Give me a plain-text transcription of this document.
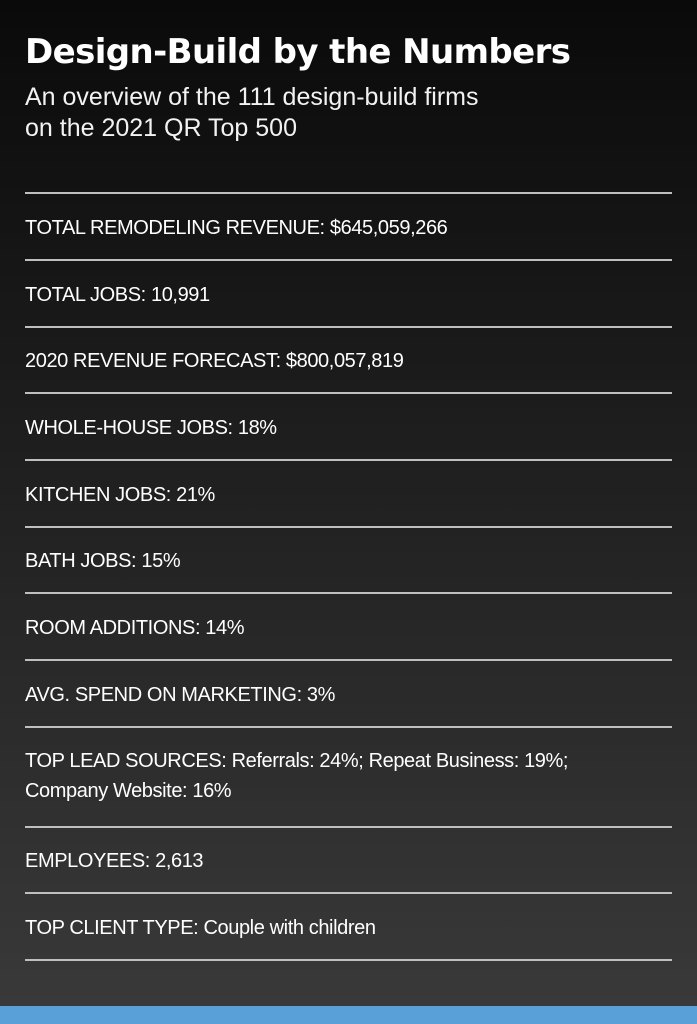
Design-Build by the Numbers

An overview of the 111 design-build firms
on the 2021 QR Top 500

TOTAL REMODELING REVENUE: $645,059,266
TOTAL JOBS: 10,991
2020 REVENUE FORECAST: $800,057,819
WHOLE-HOUSE JOBS: 18%
KITCHEN JOBS: 21%
BATH JOBS: 15%
ROOM ADDITIONS: 14%
AVG. SPEND ON MARKETING: 3%
TOP LEAD SOURCES: Referrals: 24%; Repeat Business: 19%;
Company Website: 16%
EMPLOYEES: 2,613
TOP CLIENT TYPE: Couple with children
